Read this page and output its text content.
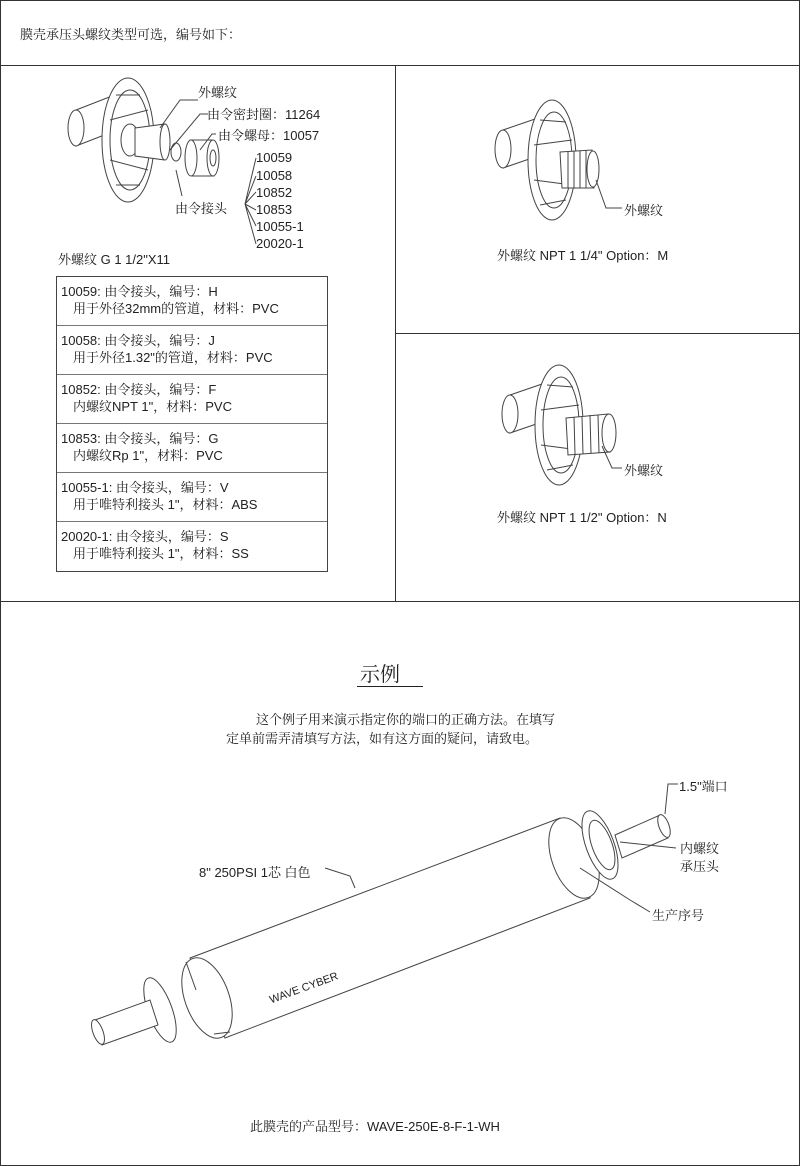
膜壳承压头螺纹类型可选，编号如下：
外螺纹
由令密封圈：11264
由令螺母：10057
由令接头
10059
10058
10852
10853
10055-1
20020-1
外螺纹 G 1 1/2"X11
10059: 由令接头，编号：H
用于外径32mm的管道，材料：PVC
10058: 由令接头，编号：J
用于外径1.32"的管道，材料：PVC
10852: 由令接头，编号：F
内螺纹NPT 1"，材料：PVC
10853: 由令接头，编号：G
内螺纹Rp 1"，材料：PVC
10055-1: 由令接头，编号：V
用于唯特利接头 1"，材料：ABS
20020-1: 由令接头，编号：S
用于唯特利接头 1"，材料：SS
外螺纹
外螺纹 NPT 1 1/4" Option：M
外螺纹
外螺纹 NPT 1 1/2" Option：N
示例
这个例子用来演示指定你的端口的正确方法。在填写
定单前需弄清填写方法，如有这方面的疑问，请致电。
1.5"端口
内螺纹
承压头
8" 250PSI 1芯 白色
生产序号
WAVE CYBER
此膜壳的产品型号：WAVE-250E-8-F-1-WH
